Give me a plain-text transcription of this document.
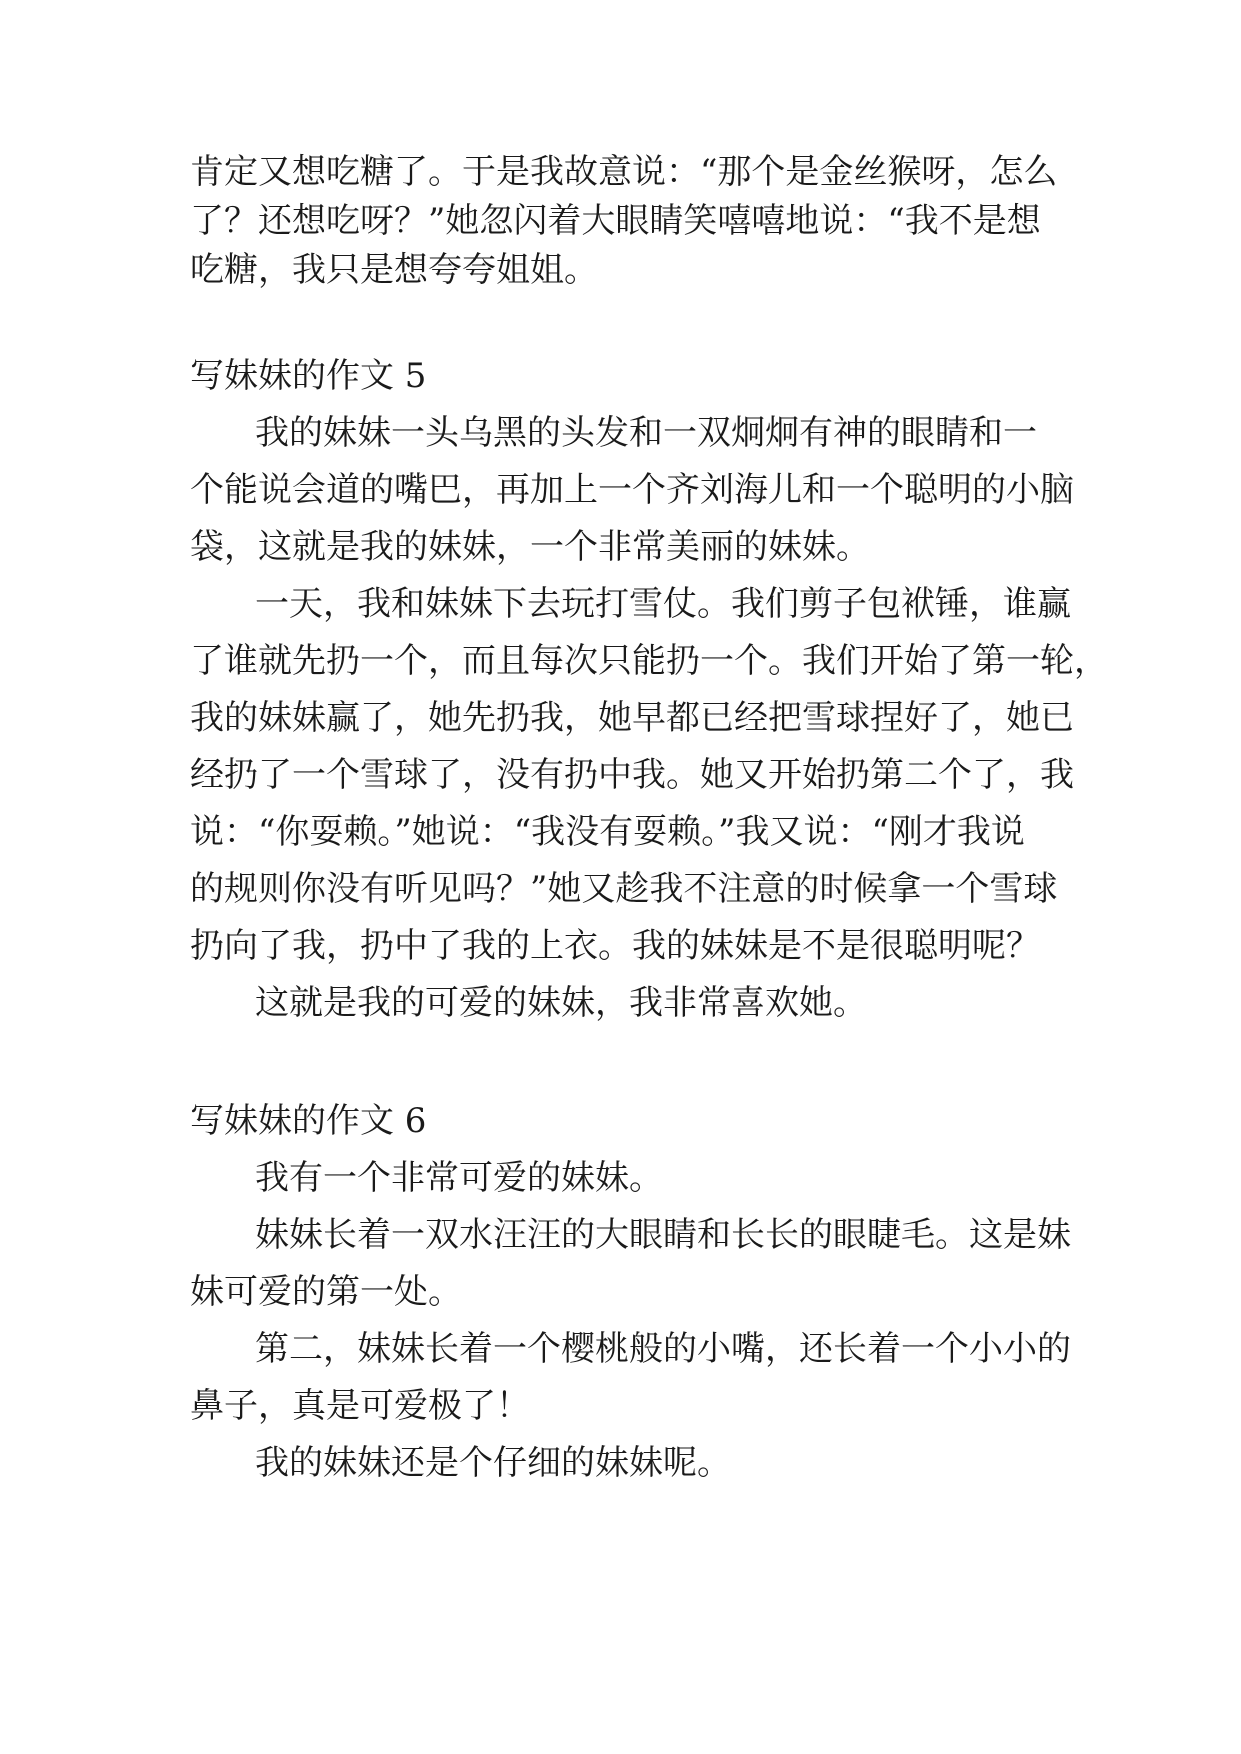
肯定又想吃糖了。于是我故意说：“那个是金丝猴呀，怎么
了？还想吃呀？”她忽闪着大眼睛笑嘻嘻地说：“我不是想
吃糖，我只是想夸夸姐姐。
写妹妹的作文 5
我的妹妹一头乌黑的头发和一双炯炯有神的眼睛和一
个能说会道的嘴巴，再加上一个齐刘海儿和一个聪明的小脑
袋，这就是我的妹妹，一个非常美丽的妹妹。
一天，我和妹妹下去玩打雪仗。我们剪子包袱锤，谁赢
了谁就先扔一个，而且每次只能扔一个。我们开始了第一轮，
我的妹妹赢了，她先扔我，她早都已经把雪球捏好了，她已
经扔了一个雪球了，没有扔中我。她又开始扔第二个了，我
说：“你耍赖。”她说：“我没有耍赖。”我又说：“刚才我说
的规则你没有听见吗？”她又趁我不注意的时候拿一个雪球
扔向了我，扔中了我的上衣。我的妹妹是不是很聪明呢？
这就是我的可爱的妹妹，我非常喜欢她。
写妹妹的作文 6
我有一个非常可爱的妹妹。
妹妹长着一双水汪汪的大眼睛和长长的眼睫毛。这是妹
妹可爱的第一处。
第二，妹妹长着一个樱桃般的小嘴，还长着一个小小的
鼻子，真是可爱极了！
我的妹妹还是个仔细的妹妹呢。
